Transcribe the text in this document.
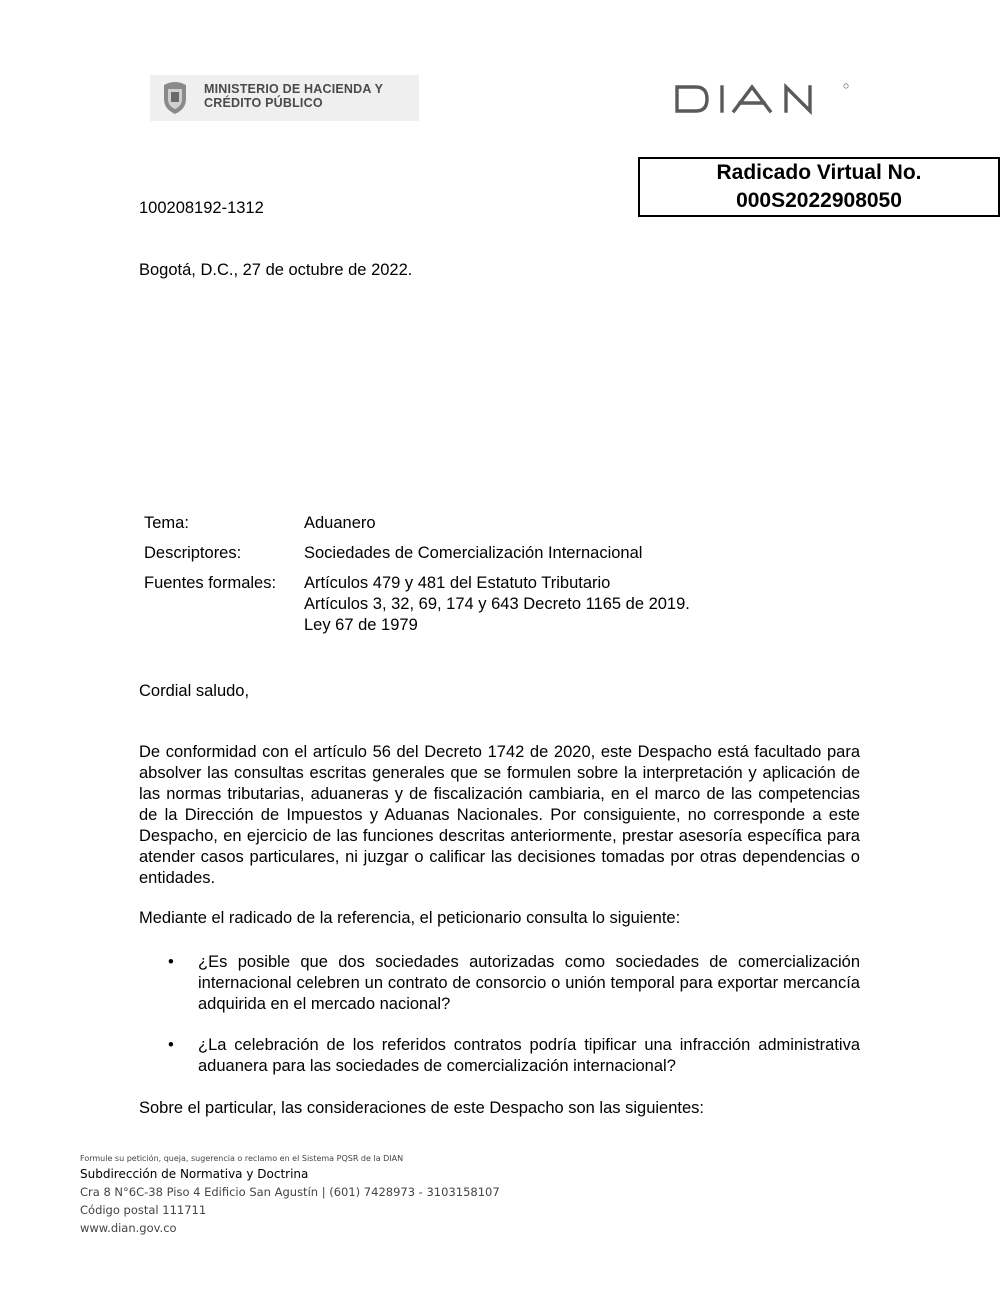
MINISTERIO DE HACIENDA Y
CRÉDITO PÚBLICO
Radicado Virtual No.
000S2022908050
100208192-1312
Bogotá, D.C., 27 de octubre de 2022.
Tema:	Aduanero
Descriptores:	Sociedades de Comercialización Internacional
Fuentes formales:	Artículos 479 y 481 del Estatuto Tributario
Artículos 3, 32, 69, 174 y 643 Decreto 1165 de 2019.
Ley 67 de 1979
Cordial saludo,

De conformidad con el artículo 56 del Decreto 1742 de 2020, este Despacho está facultado para absolver las consultas escritas generales que se formulen sobre la interpretación y aplicación de las normas tributarias, aduaneras y de fiscalización cambiaria, en el marco de las competencias de la Dirección de Impuestos y Aduanas Nacionales. Por consiguiente, no corresponde a este Despacho, en ejercicio de las funciones descritas anteriormente, prestar asesoría específica para atender casos particulares, ni juzgar o calificar las decisiones tomadas por otras dependencias o entidades.

Mediante el radicado de la referencia, el peticionario consulta lo siguiente:

• ¿Es posible que dos sociedades autorizadas como sociedades de comercialización internacional celebren un contrato de consorcio o unión temporal para exportar mercancía adquirida en el mercado nacional?
• ¿La celebración de los referidos contratos podría tipificar una infracción administrativa aduanera para las sociedades de comercialización internacional?

Sobre el particular, las consideraciones de este Despacho son las siguientes:

Formule su petición, queja, sugerencia o reclamo en el Sistema PQSR de la DIAN
Subdirección de Normativa y Doctrina
Cra 8 N°6C-38 Piso 4 Edificio San Agustín | (601) 7428973 - 3103158107
Código postal 111711
www.dian.gov.co
